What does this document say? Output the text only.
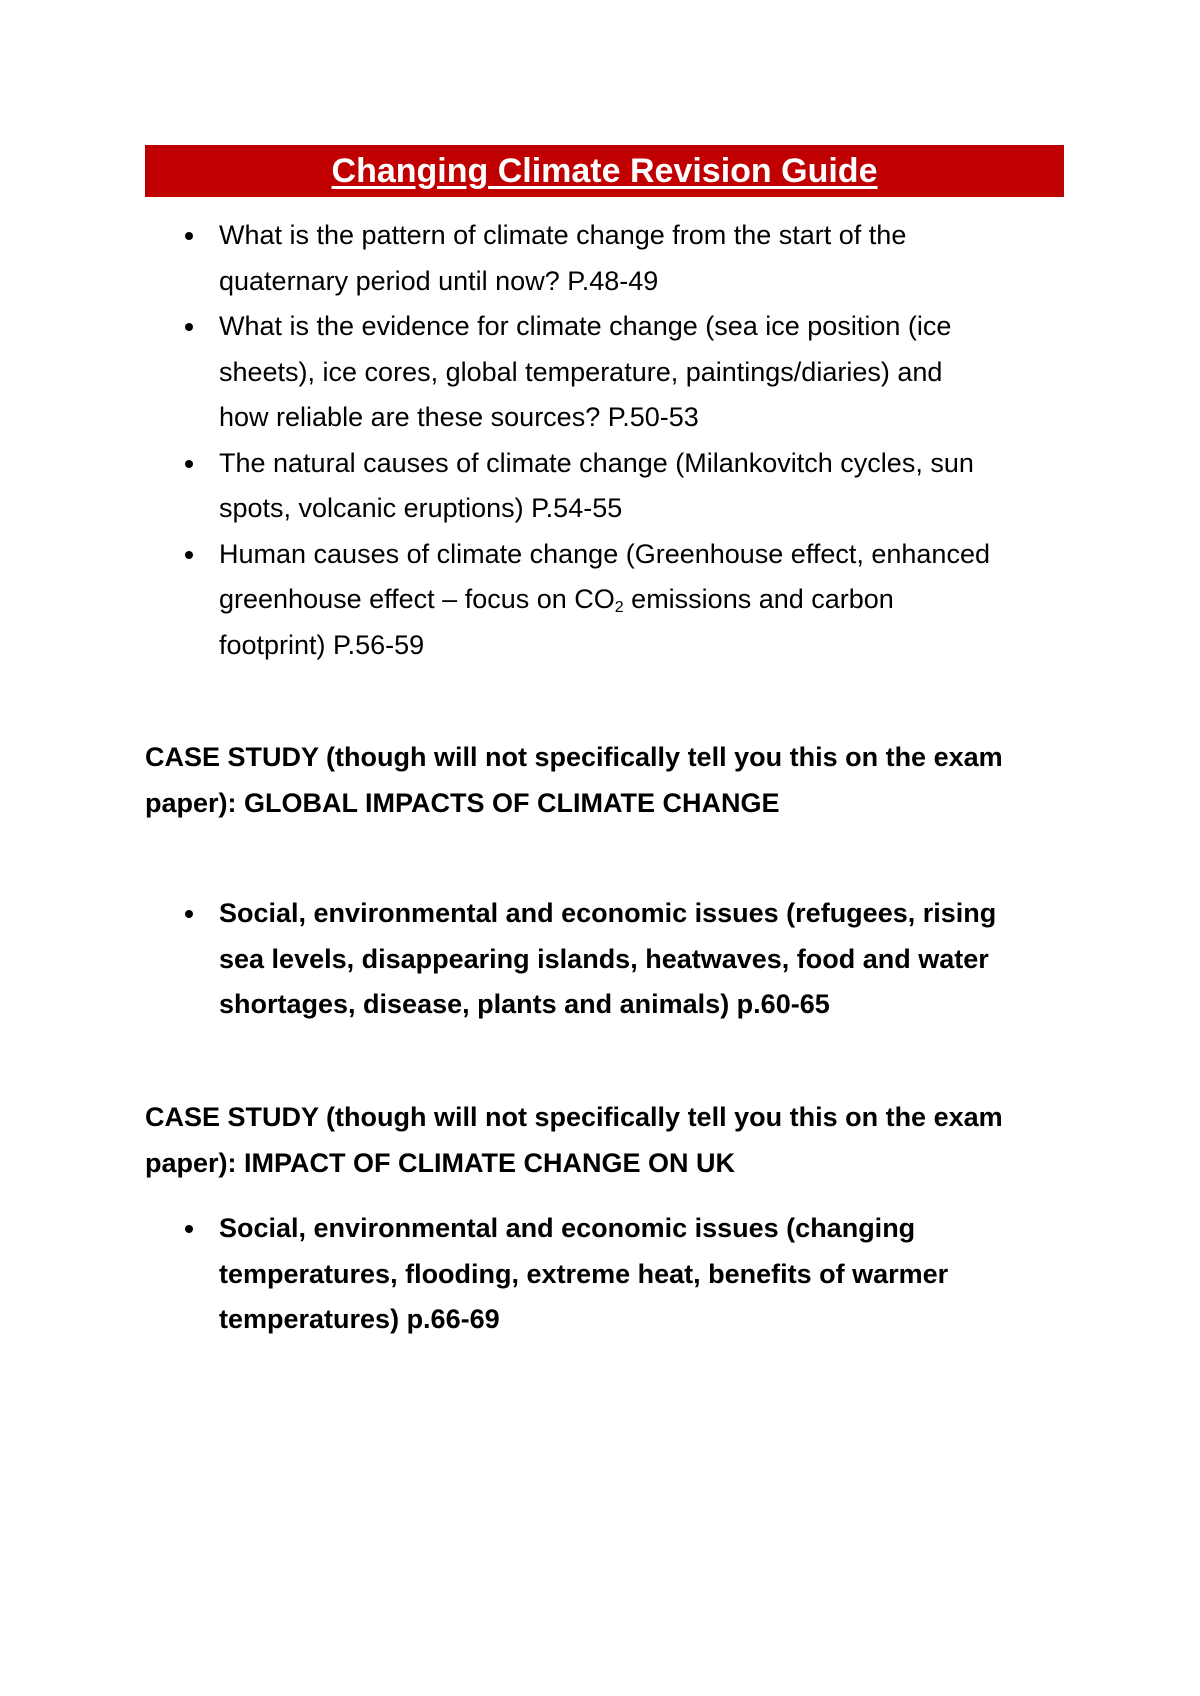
Changing Climate Revision Guide
What is the pattern of climate change from the start of the
quaternary period until now? P.48-49
What is the evidence for climate change (sea ice position (ice
sheets), ice cores, global temperature, paintings/diaries) and
how reliable are these sources? P.50-53
The natural causes of climate change (Milankovitch cycles, sun
spots, volcanic eruptions) P.54-55
Human causes of climate change (Greenhouse effect, enhanced
greenhouse effect – focus on $CO_2$ emissions and carbon
footprint) P.56-59

CASE STUDY (though will not specifically tell you this on the exam
paper): GLOBAL IMPACTS OF CLIMATE CHANGE

Social, environmental and economic issues (refugees, rising
sea levels, disappearing islands, heatwaves, food and water
shortages, disease, plants and animals) p.60-65

CASE STUDY (though will not specifically tell you this on the exam
paper): IMPACT OF CLIMATE CHANGE ON UK

Social, environmental and economic issues (changing
temperatures, flooding, extreme heat, benefits of warmer
temperatures) p.66-69
